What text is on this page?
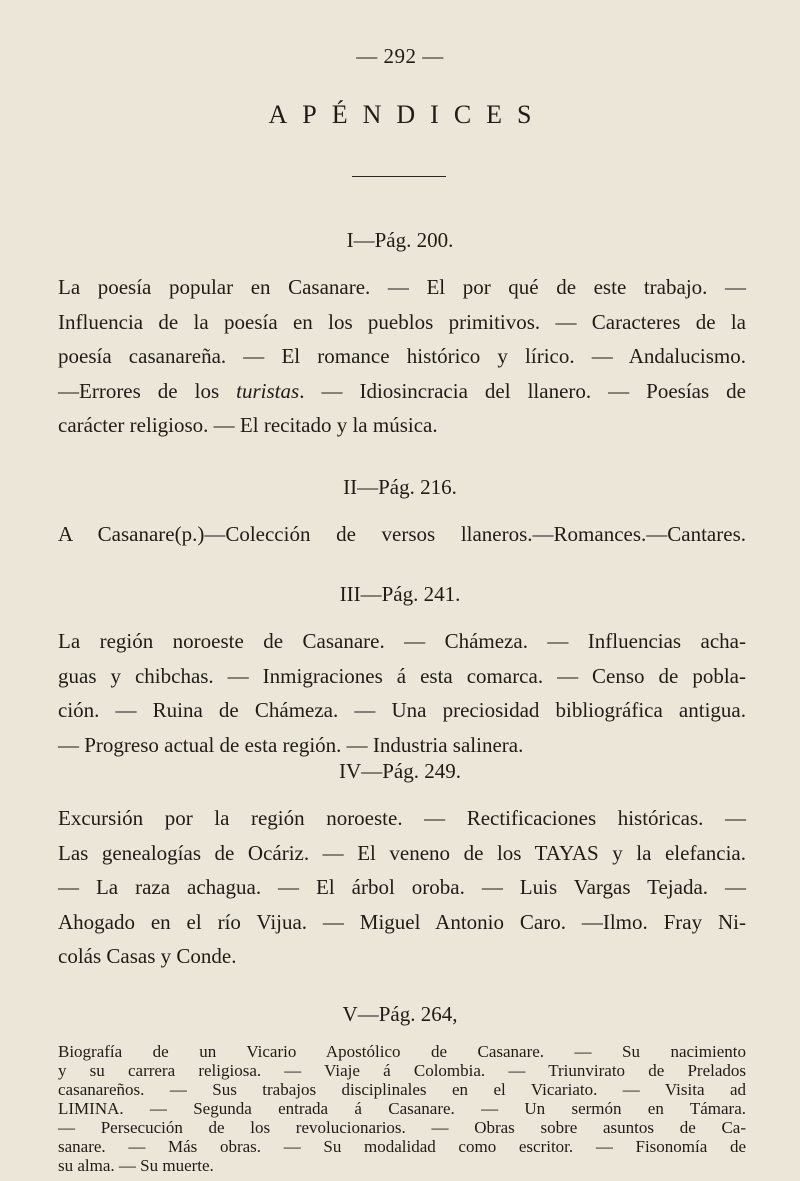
— 292 —
APÉNDICES
I—Pág. 200.
La poesía popular en Casanare. — El por qué de este trabajo. —
Influencia de la poesía en los pueblos primitivos. — Caracteres de la
poesía casanareña. — El romance histórico y lírico. — Andalucismo.
—Errores de los turistas. — Idiosincracia del llanero. — Poesías de
carácter religioso. — El recitado y la música.
II—Pág. 216.
A Casanare(p.)—Colección de versos llaneros.—Romances.—Cantares.
III—Pág. 241.
La región noroeste de Casanare. — Chámeza. — Influencias acha-
guas y chibchas. — Inmigraciones á esta comarca. — Censo de pobla-
ción. — Ruina de Chámeza. — Una preciosidad bibliográfica antigua.
— Progreso actual de esta región. — Industria salinera.
IV—Pág. 249.
Excursión por la región noroeste. — Rectificaciones históricas. —
Las genealogías de Ocáriz. — El veneno de los TAYAS y la elefancia.
— La raza achagua. — El árbol oroba. — Luis Vargas Tejada. —
Ahogado en el río Vijua. — Miguel Antonio Caro. —Ilmo. Fray Ni-
colás Casas y Conde.
V—Pág. 264,
Biografía de un Vicario Apostólico de Casanare. — Su nacimiento
y su carrera religiosa. — Viaje á Colombia. — Triunvirato de Prelados
casanareños. — Sus trabajos disciplinales en el Vicariato. — Visita ad
LIMINA. — Segunda entrada á Casanare. — Un sermón en Támara.
— Persecución de los revolucionarios. — Obras sobre asuntos de Ca-
sanare. — Más obras. — Su modalidad como escritor. — Fisonomía de
su alma. — Su muerte.
